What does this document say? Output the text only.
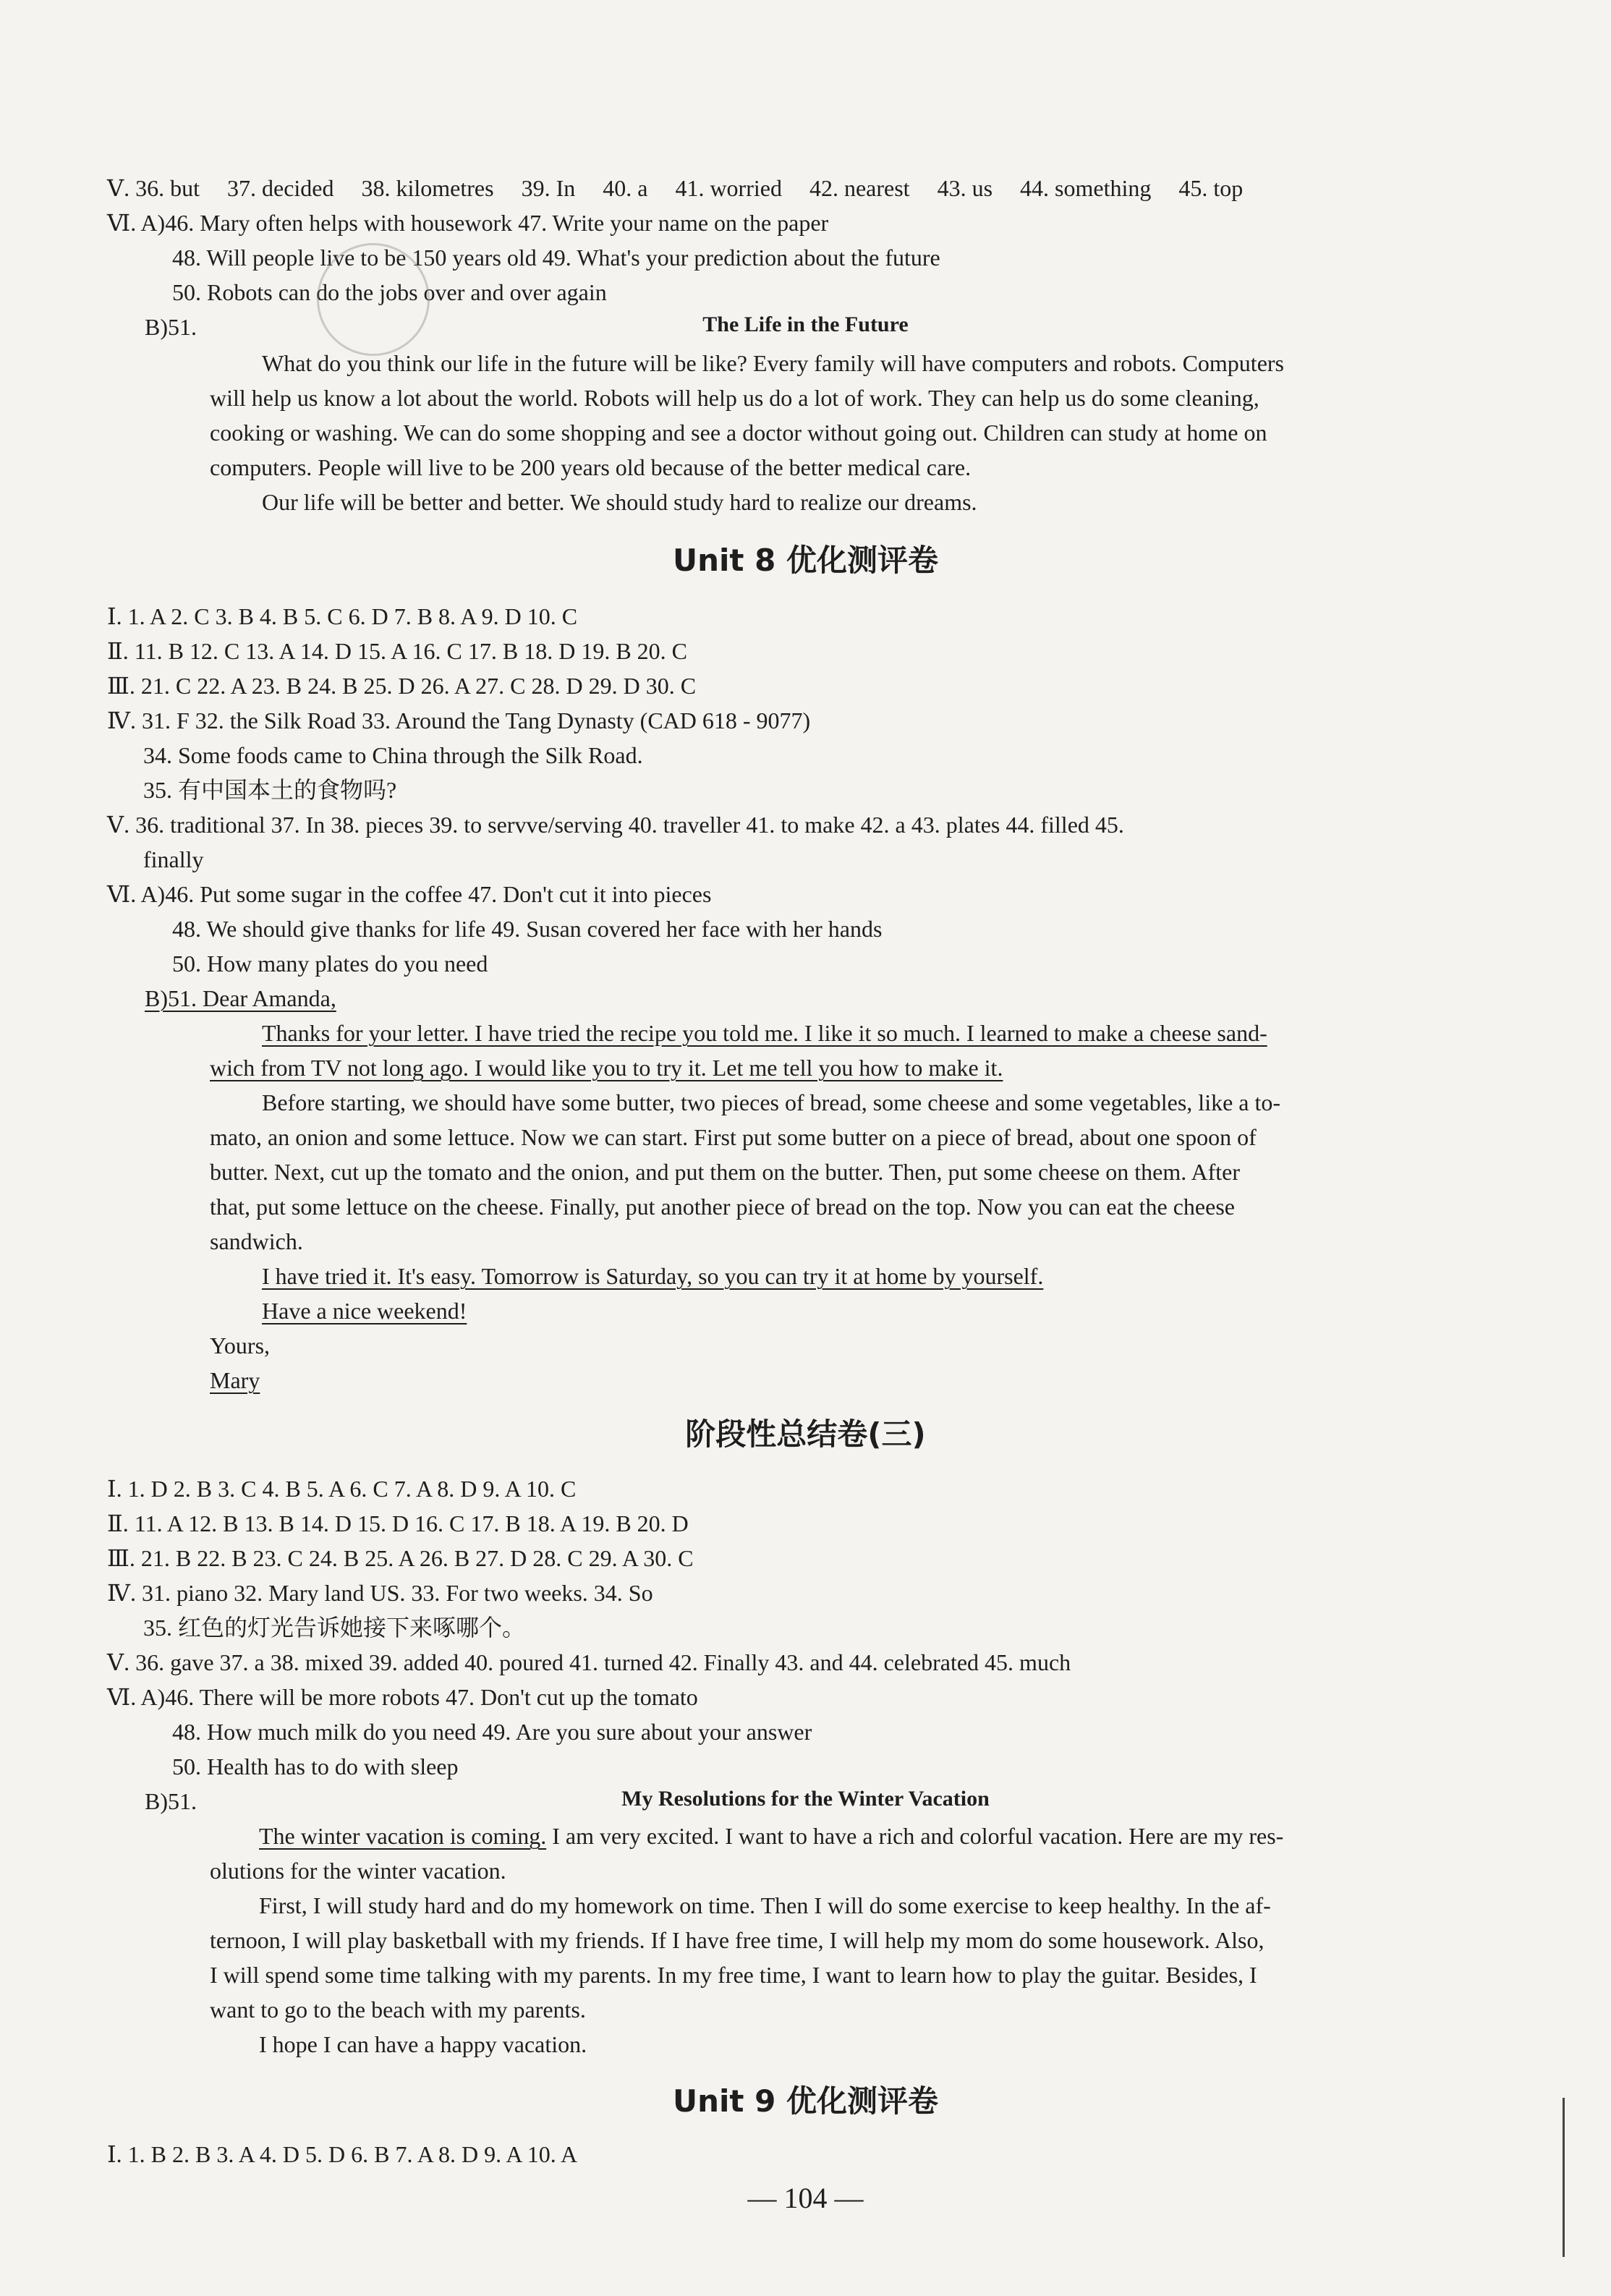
Ⅴ. 36. but 37. decided 38. kilometres 39. In 40. a 41. worried 42. nearest 43. us 44. something 45. top
Ⅵ. A)46. Mary often helps with housework 47. Write your name on the paper
48. Will people live to be 150 years old 49. What's your prediction about the future
50. Robots can do the jobs over and over again
B)51.	The Life in the Future
What do you think our life in the future will be like? Every family will have computers and robots. Computers
will help us know a lot about the world. Robots will help us do a lot of work. They can help us do some cleaning,
cooking or washing. We can do some shopping and see a doctor without going out. Children can study at home on
computers. People will live to be 200 years old because of the better medical care.
Our life will be better and better. We should study hard to realize our dreams.
Unit 8 优化测评卷
Ⅰ. 1. A 2. C 3. B 4. B 5. C 6. D 7. B 8. A 9. D 10. C
Ⅱ. 11. B 12. C 13. A 14. D 15. A 16. C 17. B 18. D 19. B 20. C
Ⅲ. 21. C 22. A 23. B 24. B 25. D 26. A 27. C 28. D 29. D 30. C
Ⅳ. 31. F 32. the Silk Road 33. Around the Tang Dynasty (CAD 618 - 9077)
34. Some foods came to China through the Silk Road.
35. 有中国本土的食物吗?
Ⅴ. 36. traditional 37. In 38. pieces 39. to servve/serving 40. traveller 41. to make 42. a 43. plates 44. filled 45.
finally
Ⅵ. A)46. Put some sugar in the coffee 47. Don't cut it into pieces
48. We should give thanks for life 49. Susan covered her face with her hands
50. How many plates do you need
B)51. Dear Amanda,
Thanks for your letter. I have tried the recipe you told me. I like it so much. I learned to make a cheese sand-
wich from TV not long ago. I would like you to try it. Let me tell you how to make it.
Before starting, we should have some butter, two pieces of bread, some cheese and some vegetables, like a to-
mato, an onion and some lettuce. Now we can start. First put some butter on a piece of bread, about one spoon of
butter. Next, cut up the tomato and the onion, and put them on the butter. Then, put some cheese on them. After
that, put some lettuce on the cheese. Finally, put another piece of bread on the top. Now you can eat the cheese
sandwich.
I have tried it. It's easy. Tomorrow is Saturday, so you can try it at home by yourself.
Have a nice weekend!
Yours,
Mary
阶段性总结卷(三)
Ⅰ. 1. D 2. B 3. C 4. B 5. A 6. C 7. A 8. D 9. A 10. C
Ⅱ. 11. A 12. B 13. B 14. D 15. D 16. C 17. B 18. A 19. B 20. D
Ⅲ. 21. B 22. B 23. C 24. B 25. A 26. B 27. D 28. C 29. A 30. C
Ⅳ. 31. piano 32. Mary land US. 33. For two weeks. 34. So
35. 红色的灯光告诉她接下来啄哪个。
Ⅴ. 36. gave 37. a 38. mixed 39. added 40. poured 41. turned 42. Finally 43. and 44. celebrated 45. much
Ⅵ. A)46. There will be more robots 47. Don't cut up the tomato
48. How much milk do you need 49. Are you sure about your answer
50. Health has to do with sleep
B)51.	My Resolutions for the Winter Vacation
The winter vacation is coming. I am very excited. I want to have a rich and colorful vacation. Here are my res-
olutions for the winter vacation.
First, I will study hard and do my homework on time. Then I will do some exercise to keep healthy. In the af-
ternoon, I will play basketball with my friends. If I have free time, I will help my mom do some housework. Also,
I will spend some time talking with my parents. In my free time, I want to learn how to play the guitar. Besides, I
want to go to the beach with my parents.
I hope I can have a happy vacation.
Unit 9 优化测评卷
Ⅰ. 1. B 2. B 3. A 4. D 5. D 6. B 7. A 8. D 9. A 10. A
— 104 —
